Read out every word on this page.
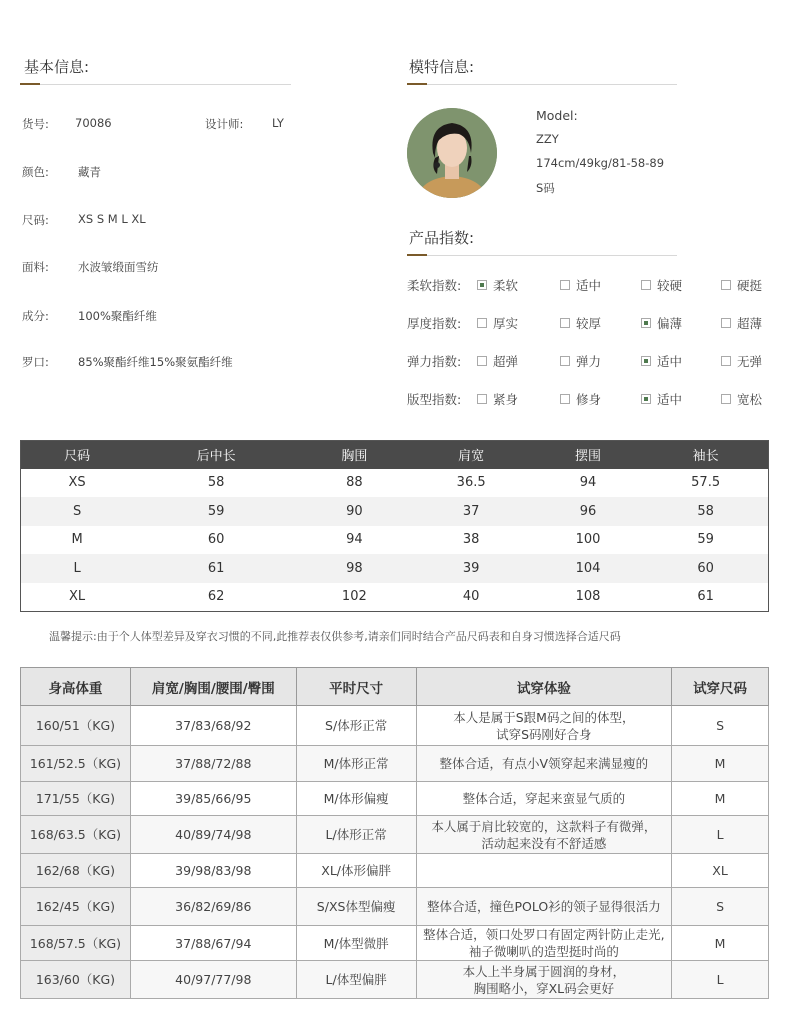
基本信息:
货号: 70086
颜色:	藏青
尺码:	XS S M L XL
面料:	水波皱缎面雪纺
成分:	100%聚酯纤维
罗口:	85%聚酯纤维15%聚氨酯纤维
设计师: LY
模特信息:
Model:
ZZY
174cm/49kg/81-58-89
S码
产品指数:
柔软指数:	柔软	适中	较硬	硬挺
厚度指数:	厚实	较厚	偏薄	超薄
弹力指数:	超弹	弹力	适中	无弹
版型指数:	紧身	修身	适中	宽松
尺码	后中长	胸围	肩宽	摆围	袖长
XS	58	88	36.5	94	57.5
S	59	90	37	96	58
M	60	94	38	100	59
L	61	98	39	104	60
XL	62	102	40	108	61
温馨提示:由于个人体型差异及穿衣习惯的不同,此推荐表仅供参考,请亲们同时结合产品尺码表和自身习惯选择合适尺码
身高体重	肩宽/胸围/腰围/臀围	平时尺寸	试穿体验	试穿尺码
160/51（KG)	37/83/68/92	S/体形正常	本人是属于S跟M码之间的体型，
试穿S码刚好合身	S
161/52.5（KG)	37/88/72/88	M/体形正常	整体合适，有点小V领穿起来满显瘦的	M
171/55（KG)	39/85/66/95	M/体形偏瘦	整体合适，穿起来蛮显气质的	M
168/63.5（KG)	40/89/74/98	L/体形正常	本人属于肩比较宽的，这款料子有微弹，
活动起来没有不舒适感	L
162/68（KG)	39/98/83/98	XL/体形偏胖		XL
162/45（KG)	36/82/69/86	S/XS体型偏瘦	整体合适，撞色POLO衫的领子显得很活力	S
168/57.5（KG)	37/88/67/94	M/体型微胖	整体合适，领口处罗口有固定两针防止走光,
袖子微喇叭的造型挺时尚的	M
163/60（KG)	40/97/77/98	L/体型偏胖	本人上半身属于圆润的身材，
胸围略小，穿XL码会更好	L
